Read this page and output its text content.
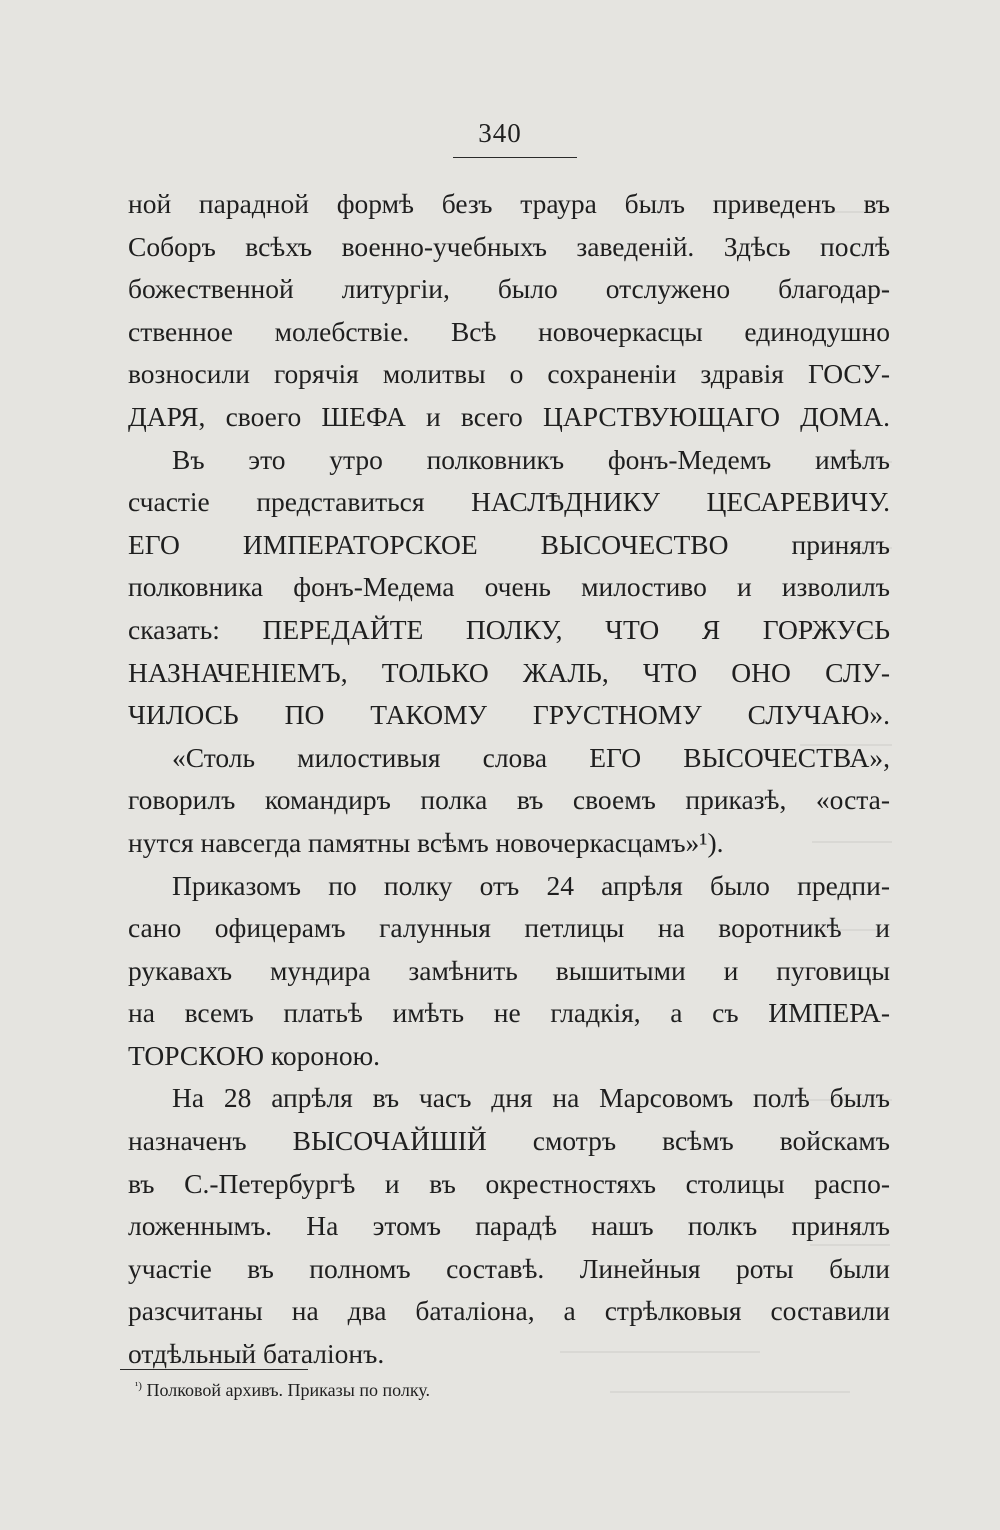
340
ной парадной формѣ безъ траура былъ приведенъ въ
Соборъ всѣхъ военно-учебныхъ заведеній. Здѣсь послѣ
божественной литургіи, было отслужено благодар-
ственное молебствіе. Всѣ новочеркасцы единодушно
возносили горячія молитвы о сохраненіи здравія ГОСУ-
ДАРЯ, своего ШЕФА и всего ЦАРСТВУЮЩАГО ДОМА.
Въ это утро полковникъ фонъ-Медемъ имѣлъ
счастіе представиться НАСЛѢДНИКУ ЦЕСАРЕВИЧУ.
ЕГО ИМПЕРАТОРСКОЕ ВЫСОЧЕСТВО принялъ
полковника фонъ-Медема очень милостиво и изволилъ
сказать: ПЕРЕДАЙТЕ ПОЛКУ, ЧТО Я ГОРЖУСЬ
НАЗНАЧЕНІЕМЪ, ТОЛЬКО ЖАЛЬ, ЧТО ОНО СЛУ-
ЧИЛОСЬ ПО ТАКОМУ ГРУСТНОМУ СЛУЧАЮ».
«Столь милостивыя слова ЕГО ВЫСОЧЕСТВА»,
говорилъ командиръ полка въ своемъ приказѣ, «оста-
нутся навсегда памятны всѣмъ новочеркасцамъ»¹).
Приказомъ по полку отъ 24 апрѣля было предпи-
сано офицерамъ галунныя петлицы на воротникѣ и
рукавахъ мундира замѣнить вышитыми и пуговицы
на всемъ платьѣ имѣть не гладкія, а съ ИМПЕРА-
ТОРСКОЮ короною.
На 28 апрѣля въ часъ дня на Марсовомъ полѣ былъ
назначенъ ВЫСОЧАЙШІЙ смотръ всѣмъ войскамъ
въ С.-Петербургѣ и въ окрестностяхъ столицы распо-
ложеннымъ. На этомъ парадѣ нашъ полкъ принялъ
участіе въ полномъ составѣ. Линейныя роты были
разсчитаны на два баталіона, а стрѣлковыя составили
отдѣльный баталіонъ.
$^{^1)}$ Полковой архивъ. Приказы по полку.
